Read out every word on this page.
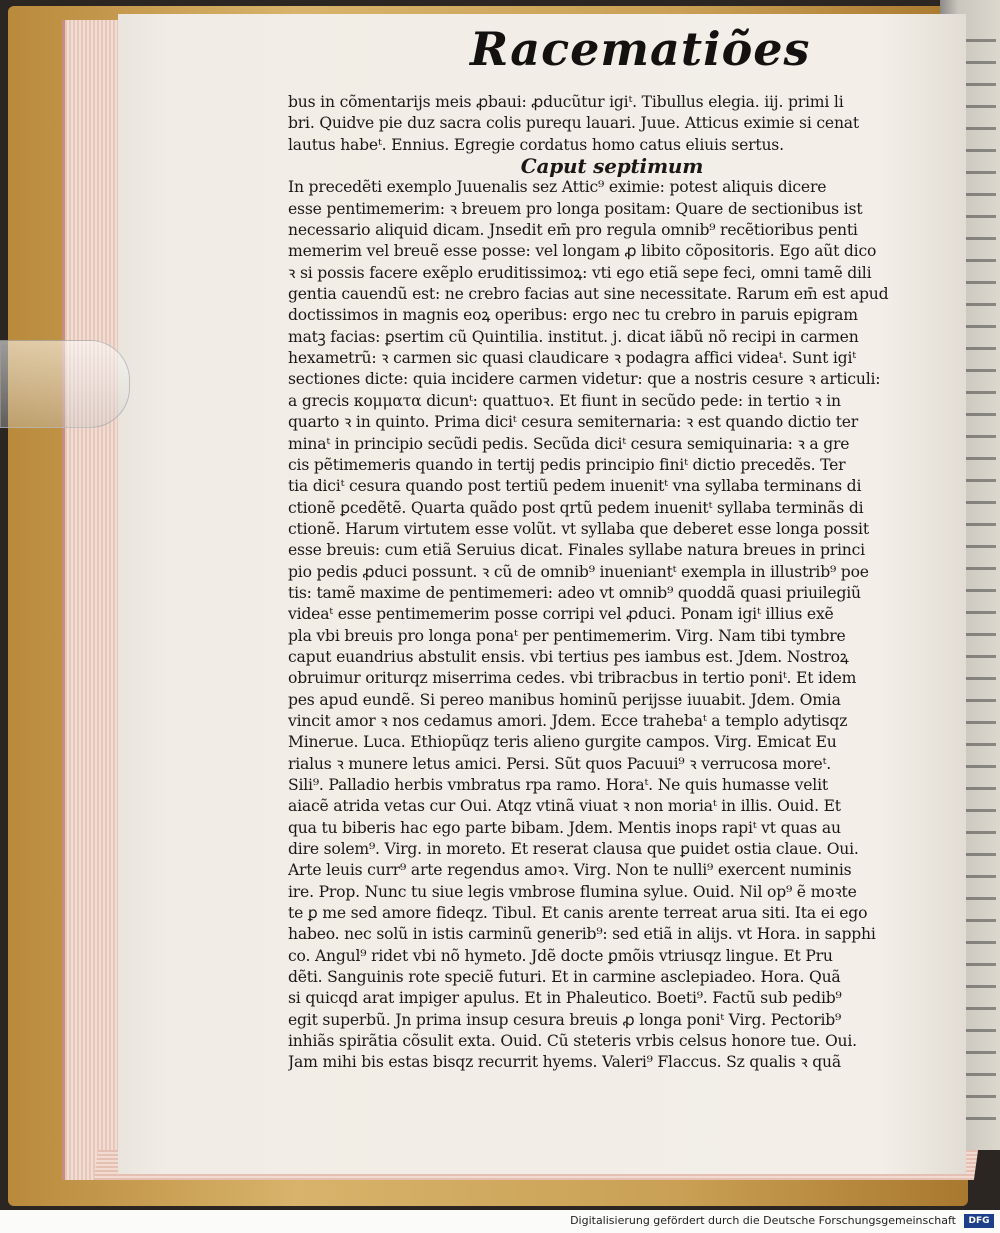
Racematiões
bus in cõmentarijs meis ꝓbaui: ꝓducũtur igiᵗ. Tibullus elegia. iij. primi li
bri. Quidve pie duz sacra colis purequ lauari. Juue. Atticus eximie si cenat
lautus habeᵗ. Ennius. Egregie cordatus homo catus eliuis sertus.
Caput septimum
In precedẽti exemplo Juuenalis sez Attic⁹ eximie: potest aliquis dicere
esse pentimemerim: ꝛ breuem pro longa positam: Quare de sectionibus ist
necessario aliquid dicam. Jnsedit em̄ pro regula omnib⁹ recẽtioribus penti
memerim vel breuẽ esse posse: vel longam ꝓ libito cõpositoris. Ego aũt dico
ꝛ si possis facere exẽplo eruditissimoꝝ: vti ego etiã sepe feci, omni tamẽ dili
gentia cauendũ est: ne crebro facias aut sine necessitate. Rarum em̄ est apud
doctissimos in magnis eoꝝ operibus: ergo nec tu crebro in paruis epigram
matꝫ facias: ꝑsertim cũ Quintilia. institut. j. dicat iãbũ nõ recipi in carmen
hexametrũ: ꝛ carmen sic quasi claudicare ꝛ podagra affici videaᵗ. Sunt igiᵗ
sectiones dicte: quia incidere carmen videtur: que a nostris cesure ꝛ articuli:
a grecis κομματα dicunᵗ: quattuoꝛ. Et fiunt in secũdo pede: in tertio ꝛ in
quarto ꝛ in quinto. Prima diciᵗ cesura semiternaria: ꝛ est quando dictio ter
minaᵗ in principio secũdi pedis. Secũda diciᵗ cesura semiquinaria: ꝛ a gre
cis pẽtimemeris quando in tertij pedis principio finiᵗ dictio precedẽs. Ter
tia diciᵗ cesura quando post tertiũ pedem inuenitᵗ vna syllaba terminans di
ctionẽ ꝑcedẽtẽ. Quarta quãdo post qrtũ pedem inuenitᵗ syllaba terminãs di
ctionẽ. Harum virtutem esse volũt. vt syllaba que deberet esse longa possit
esse breuis: cum etiã Seruius dicat. Finales syllabe natura breues in princi
pio pedis ꝓduci possunt. ꝛ cũ de omnib⁹ inueniantᵗ exempla in illustrib⁹ poe
tis: tamẽ maxime de pentimemeri: adeo vt omnib⁹ quoddã quasi priuilegiũ
videaᵗ esse pentimemerim posse corripi vel ꝓduci. Ponam igiᵗ illius exẽ
pla vbi breuis pro longa ponaᵗ per pentimemerim. Virg. Nam tibi tymbre
caput euandrius abstulit ensis. vbi tertius pes iambus est. Jdem. Nostroꝝ
obruimur oriturqz miserrima cedes. vbi tribracbus in tertio poniᵗ. Et idem
pes apud eundẽ. Si pereo manibus hominũ perijsse iuuabit. Jdem. Omia
vincit amor ꝛ nos cedamus amori. Jdem. Ecce trahebaᵗ a templo adytisqz
Minerue. Luca. Ethiopũqz teris alieno gurgite campos. Virg. Emicat Eu
rialus ꝛ munere letus amici. Persi. Sũt quos Pacuui⁹ ꝛ verrucosa moreᵗ.
Sili⁹. Palladio herbis vmbratus rpa ramo. Horaᵗ. Ne quis humasse velit
aiacẽ atrida vetas cur Oui. Atqz vtinã viuat ꝛ non moriaᵗ in illis. Ouid. Et
qua tu biberis hac ego parte bibam. Jdem. Mentis inops rapiᵗ vt quas au
dire solem⁹. Virg. in moreto. Et reserat clausa que ꝑuidet ostia claue. Oui.
Arte leuis curr⁹ arte regendus amoꝛ. Virg. Non te nulli⁹ exercent numinis
ire. Prop. Nunc tu siue legis vmbrose flumina sylue. Ouid. Nil op⁹ ẽ moꝛte
te ꝑ me sed amore fideqz. Tibul. Et canis arente terreat arua siti. Ita ei ego
habeo. nec solũ in istis carminũ generib⁹: sed etiã in alijs. vt Hora. in sapphi
co. Angul⁹ ridet vbi nõ hymeto. Jdẽ docte ꝑmõis vtriusqz lingue. Et Pru
dẽti. Sanguinis rote speciẽ futuri. Et in carmine asclepiadeo. Hora. Quã
si quicqd arat impiger apulus. Et in Phaleutico. Boeti⁹. Factũ sub pedib⁹
egit superbũ. Jn prima insup cesura breuis ꝓ longa poniᵗ Virg. Pectorib⁹
inhiãs spirãtia cõsulit exta. Ouid. Cũ steteris vrbis celsus honore tue. Oui.
Jam mihi bis estas bisqz recurrit hyems. Valeri⁹ Flaccus. Sz qualis ꝛ quã
Digitalisierung gefördert durch die Deutsche Forschungsgemeinschaft	DFG
